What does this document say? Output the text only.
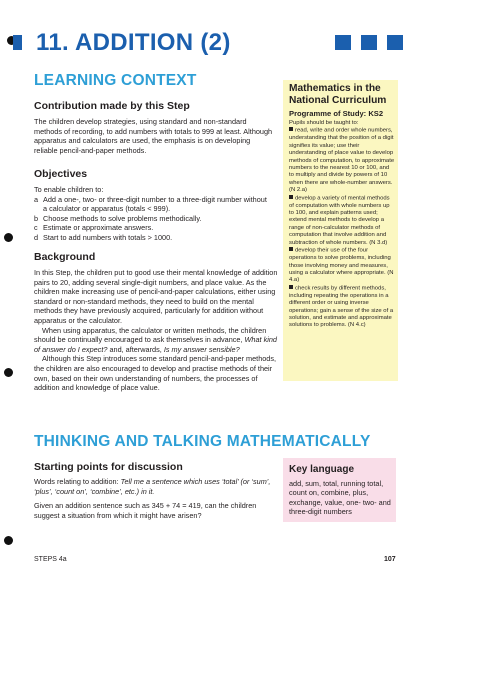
11. ADDITION (2)
LEARNING CONTEXT
Contribution made by this Step

The children develop strategies, using standard and non-standard methods of recording, to add numbers with totals to 999 at least. Although apparatus and calculators are used, the emphasis is on developing reliable pencil-and-paper methods.

Objectives

To enable children to:

a Add a one-, two- or three-digit number to a three-digit number without a calculator or apparatus (totals < 999).
b Choose methods to solve problems methodically.
c Estimate or approximate answers.
d Start to add numbers with totals > 1000.
Background

In this Step, the children put to good use their mental knowledge of addition pairs to 20, adding several single-digit numbers, and place value. As the children make increasing use of pencil-and-paper calculations, either using standard or non-standard methods, they need to build on the mental methods they have previously acquired, particularly for addition without apparatus or the calculator.

When using apparatus, the calculator or written methods, the children should be continually encouraged to ask themselves in advance, What kind of answer do I expect? and, afterwards, Is my answer sensible?

Although this Step introduces some standard pencil-and-paper methods, the children are also encouraged to develop and practise methods of their own, based on their own understanding of numbers, the processes of addition and knowledge of place value.

Mathematics in the National Curriculum
Programme of Study: KS2

Pupils should be taught to:

read, write and order whole numbers, understanding that the position of a digit signifies its value; use their understanding of place value to develop methods of computation, to approximate numbers to the nearest 10 or 100, and to multiply and divide by powers of 10 when there are whole-number answers. (N 2.a)

develop a variety of mental methods of computation with whole numbers up to 100, and explain patterns used; extend mental methods to develop a range of non-calculator methods of computation that involve addition and subtraction of whole numbers. (N 3.d)

develop their use of the four operations to solve problems, including those involving money and measures, using a calculator where appropriate. (N 4.a)

check results by different methods, including repeating the operations in a different order or using inverse operations; gain a sense of the size of a solution, and estimate and approximate solutions to problems. (N 4.c)

THINKING AND TALKING MATHEMATICALLY
Starting points for discussion

Words relating to addition: Tell me a sentence which uses ‘total’ (or ‘sum’, ‘plus’, ‘count on’, ‘combine’, etc.) in it.

Given an addition sentence such as 345 + 74 = 419, can the children suggest a situation from which it might have arisen?

Key language
add, sum, total, running total, count on, combine, plus, exchange, value, one- two- and three-digit numbers
STEPS 4a	107
